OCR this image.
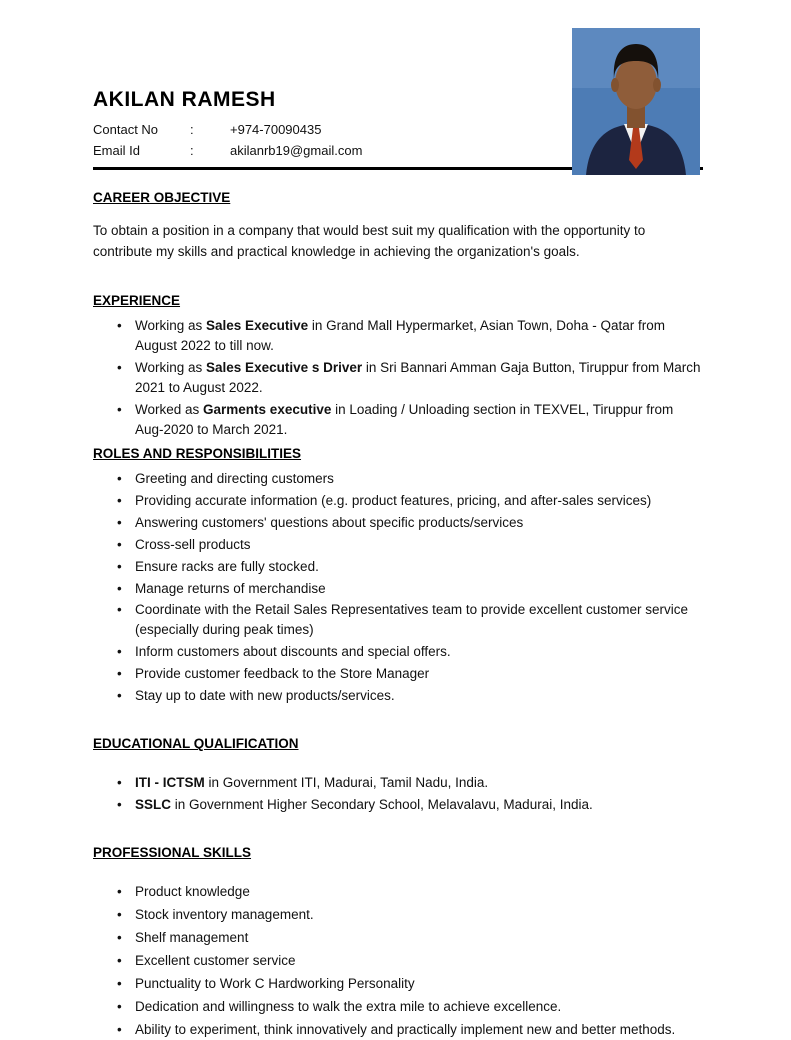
AKILAN RAMESH
Contact No	:	+974-70090435
Email Id	:	akilanrb19@gmail.com
CAREER OBJECTIVE

To obtain a position in a company that would best suit my qualification with the opportunity to contribute my skills and practical knowledge in achieving the organization's goals.

EXPERIENCE
• Working as Sales Executive in Grand Mall Hypermarket, Asian Town, Doha - Qatar from August 2022 to till now.
• Working as Sales Executive s Driver in Sri Bannari Amman Gaja Button, Tiruppur from March 2021 to August 2022.
• Worked as Garments executive in Loading / Unloading section in TEXVEL, Tiruppur from Aug-2020 to March 2021.
ROLES AND RESPONSIBILITIES
• Greeting and directing customers
• Providing accurate information (e.g. product features, pricing, and after-sales services)
• Answering customers' questions about specific products/services
• Cross-sell products
• Ensure racks are fully stocked.
• Manage returns of merchandise
• Coordinate with the Retail Sales Representatives team to provide excellent customer service (especially during peak times)
• Inform customers about discounts and special offers.
• Provide customer feedback to the Store Manager
• Stay up to date with new products/services.
EDUCATIONAL QUALIFICATION
• ITI - ICTSM in Government ITI, Madurai, Tamil Nadu, India.
• SSLC in Government Higher Secondary School, Melavalavu, Madurai, India.
PROFESSIONAL SKILLS
• Product knowledge
• Stock inventory management.
• Shelf management
• Excellent customer service
• Punctuality to Work C Hardworking Personality
• Dedication and willingness to walk the extra mile to achieve excellence.
• Ability to experiment, think innovatively and practically implement new and better methods.
